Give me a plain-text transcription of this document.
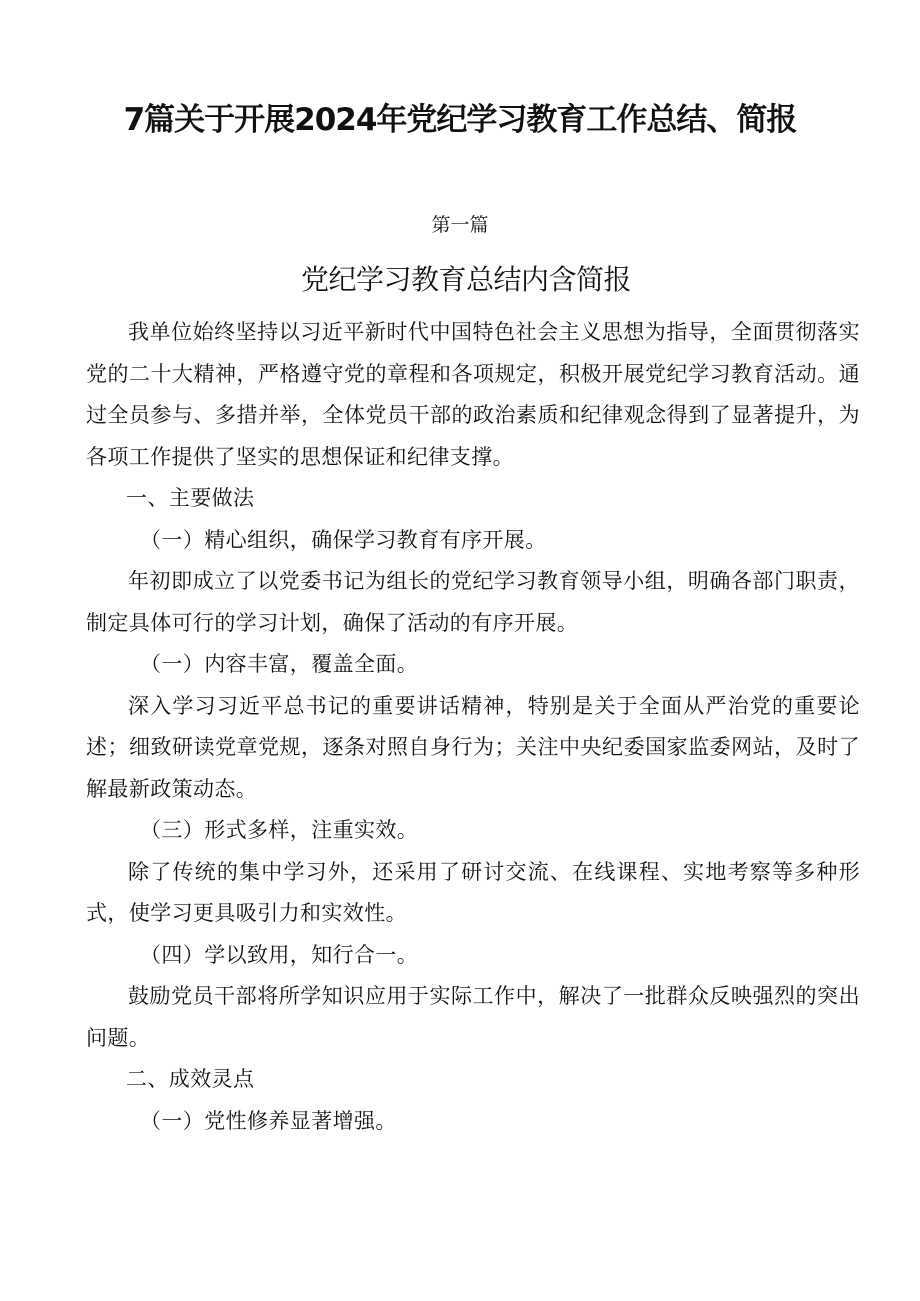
7篇关于开展2024年党纪学习教育工作总结、简报
第一篇
党纪学习教育总结内含简报

我单位始终坚持以习近平新时代中国特色社会主义思想为指导，全面贯彻落实党的二十大精神，严格遵守党的章程和各项规定，积极开展党纪学习教育活动。通过全员参与、多措并举，全体党员干部的政治素质和纪律观念得到了显著提升，为各项工作提供了坚实的思想保证和纪律支撑。

一、主要做法

（一）精心组织，确保学习教育有序开展。

年初即成立了以党委书记为组长的党纪学习教育领导小组，明确各部门职责，制定具体可行的学习计划，确保了活动的有序开展。

（一）内容丰富，覆盖全面。

深入学习习近平总书记的重要讲话精神，特别是关于全面从严治党的重要论述；细致研读党章党规，逐条对照自身行为；关注中央纪委国家监委网站，及时了解最新政策动态。

（三）形式多样，注重实效。

除了传统的集中学习外，还采用了研讨交流、在线课程、实地考察等多种形式，使学习更具吸引力和实效性。

（四）学以致用，知行合一。

鼓励党员干部将所学知识应用于实际工作中，解决了一批群众反映强烈的突出问题。

二、成效灵点

（一）党性修养显著增强。
